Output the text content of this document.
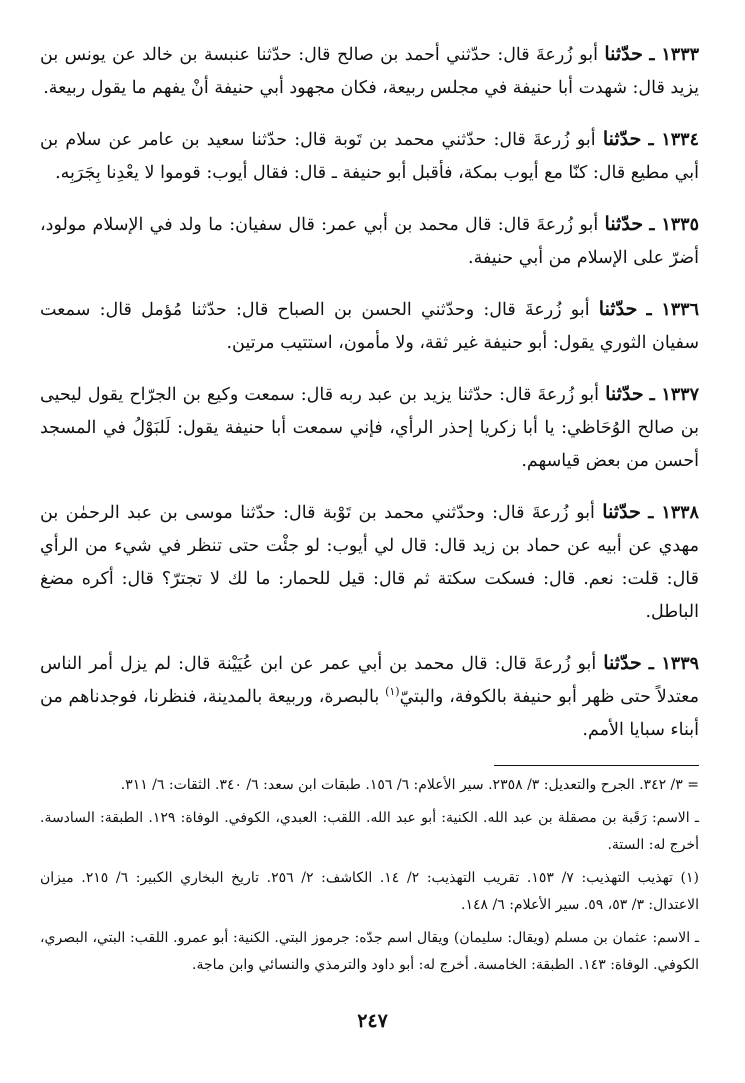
١٣٣٣ ـ حدّثنا أبو زُرعةَ قال: حدّثني أحمد بن صالح قال: حدّثنا عنبسة بن خالد عن يونس بن يزيد قال: شهدت أبا حنيفة في مجلس ربيعة، فكان مجهود أبي حنيفة أنْ يفهم ما يقول ربيعة.

١٣٣٤ ـ حدّثنا أبو زُرعةَ قال: حدّثني محمد بن تَوبة قال: حدّثنا سعيد بن عامر عن سلام بن أبي مطيع قال: كنّا مع أيوب بمكة، فأقبل أبو حنيفة ـ قال: فقال أيوب: قوموا لا يعْدِنا بِجَرَبِه.

١٣٣٥ ـ حدّثنا أبو زُرعةَ قال: قال محمد بن أبي عمر: قال سفيان: ما ولد في الإسلام مولود، أضرّ على الإسلام من أبي حنيفة.

١٣٣٦ ـ حدّثنا أبو زُرعةَ قال: وحدّثني الحسن بن الصباح قال: حدّثنا مُؤمل قال: سمعت سفيان الثوري يقول: أبو حنيفة غير ثقة، ولا مأمون، استتيب مرتين.

١٣٣٧ ـ حدّثنا أبو زُرعةَ قال: حدّثنا يزيد بن عبد ربه قال: سمعت وكيع بن الجرّاح يقول ليحيى بن صالح الوُحَاظي: يا أبا زكريا إحذر الرأي، فإني سمعت أبا حنيفة يقول: لَلبَوْلُ في المسجد أحسن من بعض قياسهم.

١٣٣٨ ـ حدّثنا أبو زُرعةَ قال: وحدّثني محمد بن تَوْبة قال: حدّثنا موسى بن عبد الرحمٰن بن مهدي عن أبيه عن حماد بن زيد قال: قال لي أيوب: لو جئْت حتى تنظر في شيء من الرأي قال: قلت: نعم. قال: فسكت سكتة ثم قال: قيل للحمار: ما لك لا تجترّ؟ قال: أكره مضغ الباطل.

١٣٣٩ ـ حدّثنا أبو زُرعةَ قال: قال محمد بن أبي عمر عن ابن عُيَيْنة قال: لم يزل أمر الناس معتدلاً حتى ظهر أبو حنيفة بالكوفة، والبتيّ$^{(١)}$ بالبصرة، وربيعة بالمدينة، فنظرنا، فوجدناهم من أبناء سبايا الأمم.

= ٣/ ٣٤٢. الجرح والتعديل: ٣/ ٢٣٥٨. سير الأعلام: ٦/ ١٥٦. طبقات ابن سعد: ٦/ ٣٤٠. الثقات: ٦/ ٣١١.

ـ الاسم: رَقَبة بن مصقلة بن عبد الله. الكنية: أبو عبد الله. اللقب: العبدي، الكوفي. الوفاة: ١٢٩. الطبقة: السادسة. أخرج له: الستة.

(١) تهذيب التهذيب: ٧/ ١٥٣. تقريب التهذيب: ٢/ ١٤. الكاشف: ٢/ ٢٥٦. تاريخ البخاري الكبير: ٦/ ٢١٥. ميزان الاعتدال: ٣/ ٥٣، ٥٩. سير الأعلام: ٦/ ١٤٨.

ـ الاسم: عثمان بن مسلم (ويقال: سليمان) ويقال اسم جدّه: جرموز البتي. الكنية: أبو عمرو. اللقب: البتي، البصري، الكوفي. الوفاة: ١٤٣. الطبقة: الخامسة. أخرج له: أبو داود والترمذي والنسائي وابن ماجة.

٢٤٧
